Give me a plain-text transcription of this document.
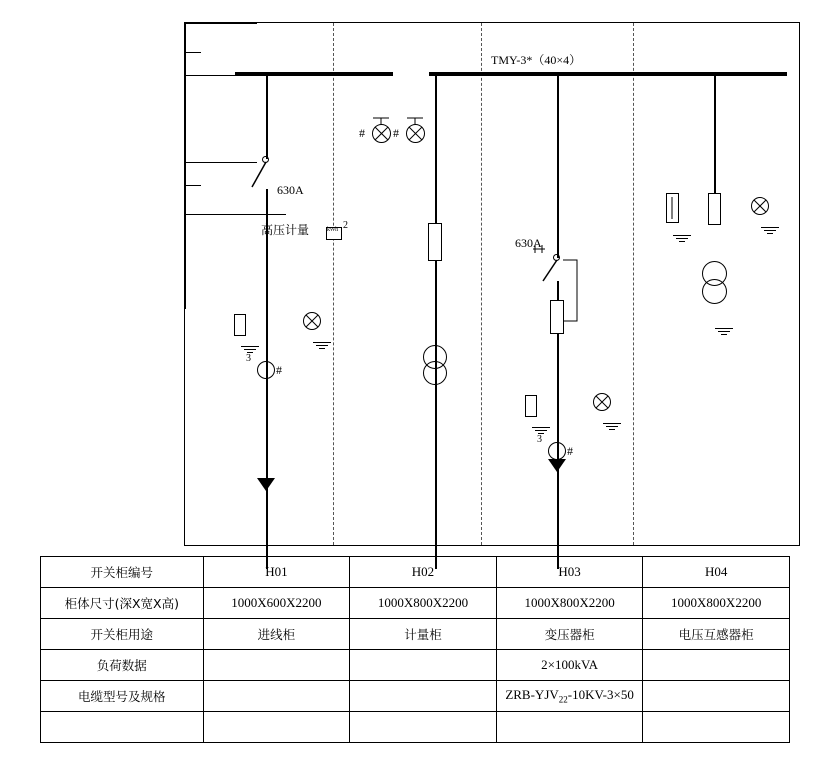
TMY-3*（40×4）
630A
3
#
# #
高压计量	kWh 2
630A
3
#
开关柜编号	H01	H02	H03	H04
柜体尺寸(深X宽X高)	1000X600X2200	1000X800X2200	1000X800X2200	1000X800X2200
开关柜用途	进线柜	计量柜	变压器柜	电压互感器柜
负荷数据			2×100kVA	
电缆型号及规格			ZRB-$YJV_{22}-10KV-3\times 50$	
